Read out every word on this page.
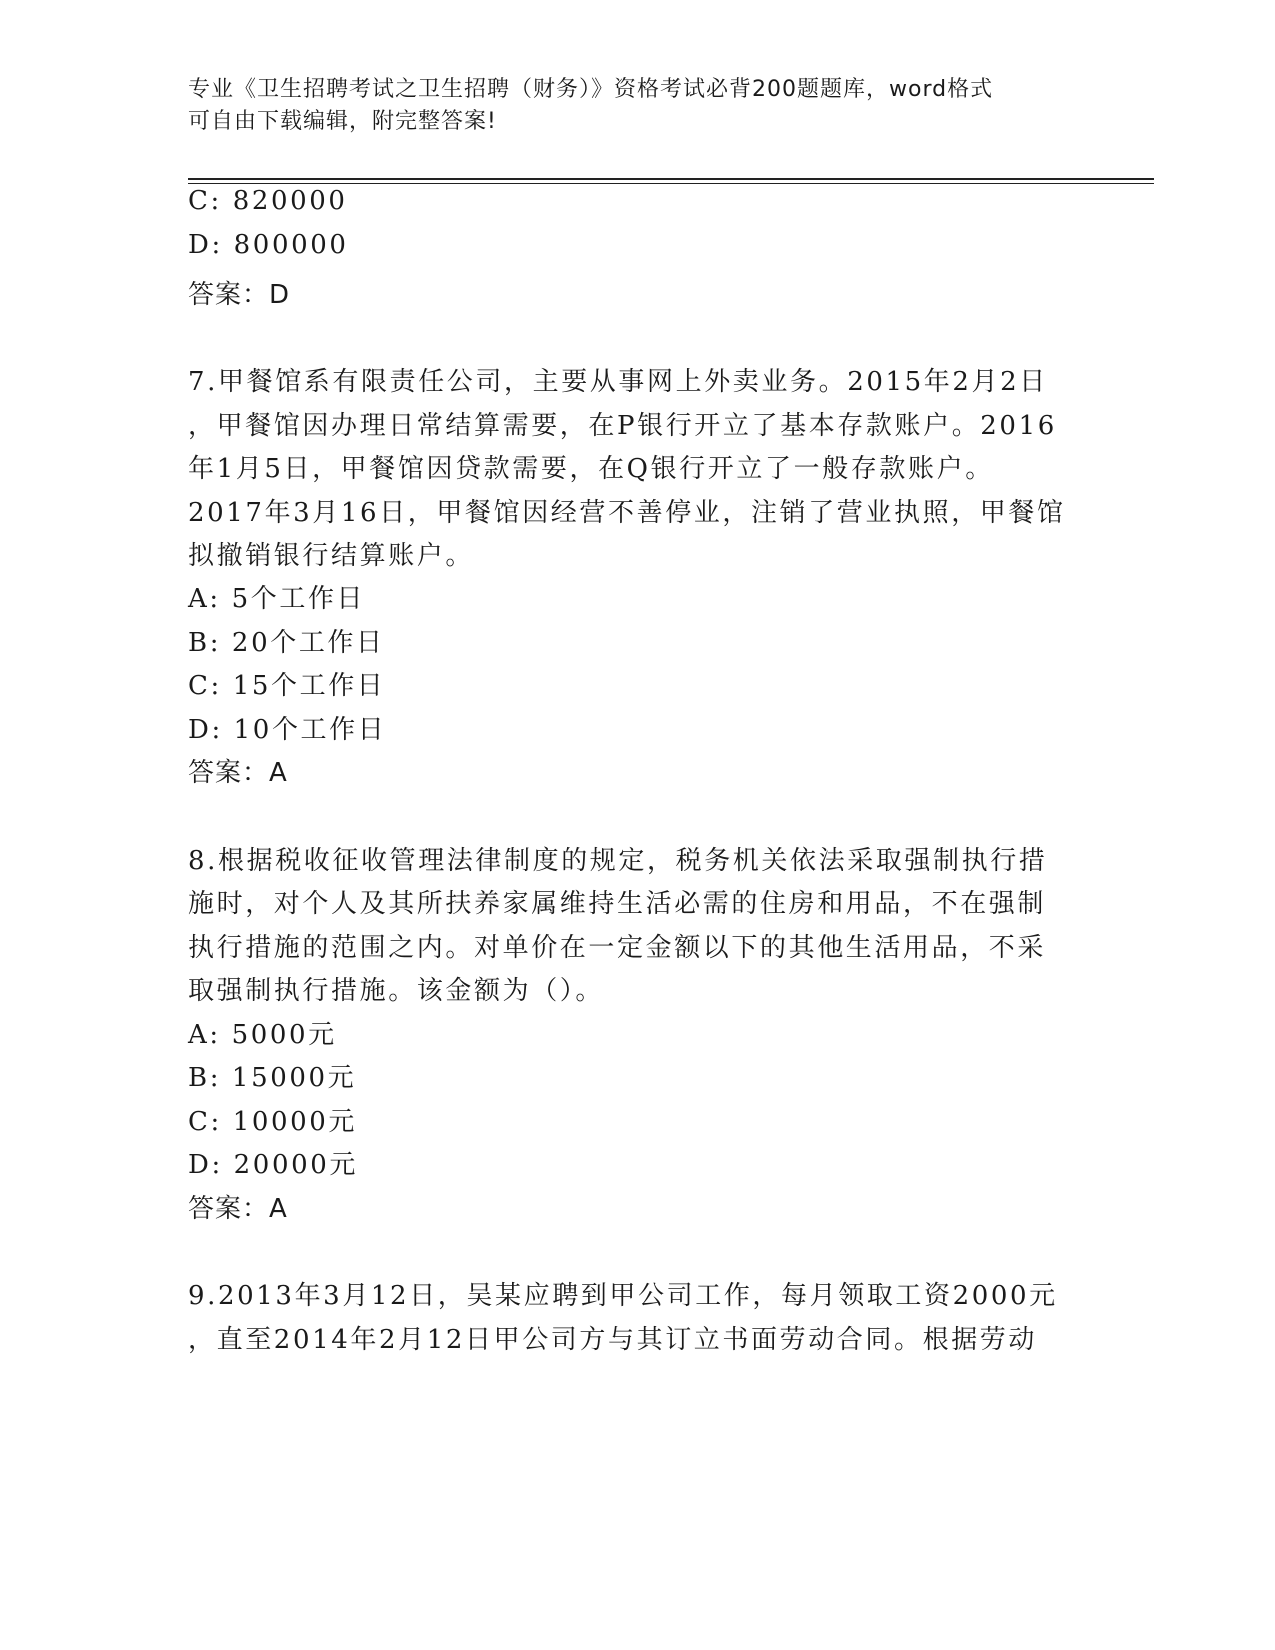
专业《卫生招聘考试之卫生招聘（财务）》资格考试必背200题题库，word格式
可自由下载编辑，附完整答案!
C: 820000
D: 800000
答案：D
7.甲餐馆系有限责任公司，主要从事网上外卖业务。2015年2月2日
，甲餐馆因办理日常结算需要，在P银行开立了基本存款账户。2016
年1月5日，甲餐馆因贷款需要，在Q银行开立了一般存款账户。
2017年3月16日，甲餐馆因经营不善停业，注销了营业执照，甲餐馆
拟撤销银行结算账户。
A: 5个工作日
B: 20个工作日
C: 15个工作日
D: 10个工作日
答案：A
8.根据税收征收管理法律制度的规定，税务机关依法采取强制执行措
施时，对个人及其所扶养家属维持生活必需的住房和用品，不在强制
执行措施的范围之内。对单价在一定金额以下的其他生活用品，不采
取强制执行措施。该金额为（）。
A: 5000元
B: 15000元
C: 10000元
D: 20000元
答案：A
9.2013年3月12日，吴某应聘到甲公司工作，每月领取工资2000元
，直至2014年2月12日甲公司方与其订立书面劳动合同。根据劳动
